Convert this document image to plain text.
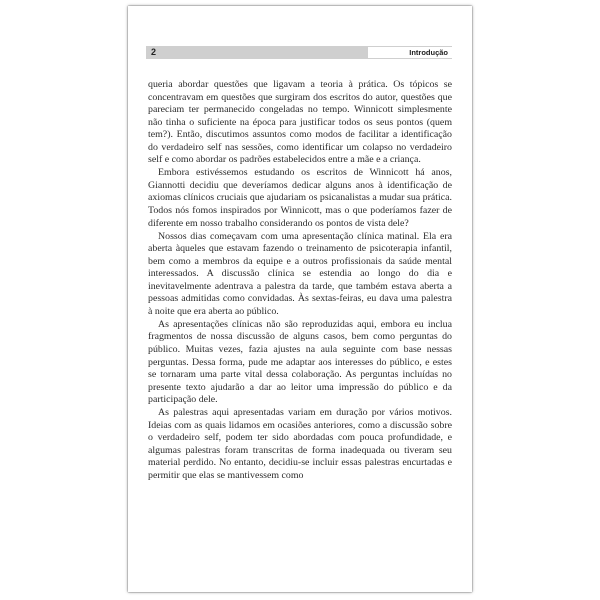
2	Introdução

queria abordar questões que ligavam a teoria à prática. Os tópicos se concentravam em questões que surgiram dos escritos do autor, questões que pareciam ter permanecido congeladas no tempo. Winnicott simplesmente não tinha o suficiente na época para justificar todos os seus pontos (quem tem?). Então, discutimos assuntos como modos de facilitar a identificação do verdadeiro self nas sessões, como identificar um colapso no verdadeiro self e como abordar os padrões estabelecidos entre a mãe e a criança.

Embora estivéssemos estudando os escritos de Winnicott há anos, Giannotti decidiu que deveríamos dedicar alguns anos à identificação de axiomas clínicos cruciais que ajudariam os psicanalistas a mudar sua prática. Todos nós fomos inspirados por Winnicott, mas o que poderíamos fazer de diferente em nosso trabalho considerando os pontos de vista dele?

Nossos dias começavam com uma apresentação clínica matinal. Ela era aberta àqueles que estavam fazendo o treinamento de psicoterapia infantil, bem como a membros da equipe e a outros profissionais da saúde mental interessados. A discussão clínica se estendia ao longo do dia e inevitavelmente adentrava a palestra da tarde, que também estava aberta a pessoas admitidas como convidadas. Às sextas-feiras, eu dava uma palestra à noite que era aberta ao público.

As apresentações clínicas não são reproduzidas aqui, embora eu inclua fragmentos de nossa discussão de alguns casos, bem como perguntas do público. Muitas vezes, fazia ajustes na aula seguinte com base nessas perguntas. Dessa forma, pude me adaptar aos interesses do público, e estes se tornaram uma parte vital dessa colaboração. As perguntas incluídas no presente texto ajudarão a dar ao leitor uma impressão do público e da participação dele.

As palestras aqui apresentadas variam em duração por vários motivos. Ideias com as quais lidamos em ocasiões anteriores, como a discussão sobre o verdadeiro self, podem ter sido abordadas com pouca profundidade, e algumas palestras foram transcritas de forma inadequada ou tiveram seu material perdido. No entanto, decidiu-se incluir essas palestras encurtadas e permitir que elas se mantivessem como
